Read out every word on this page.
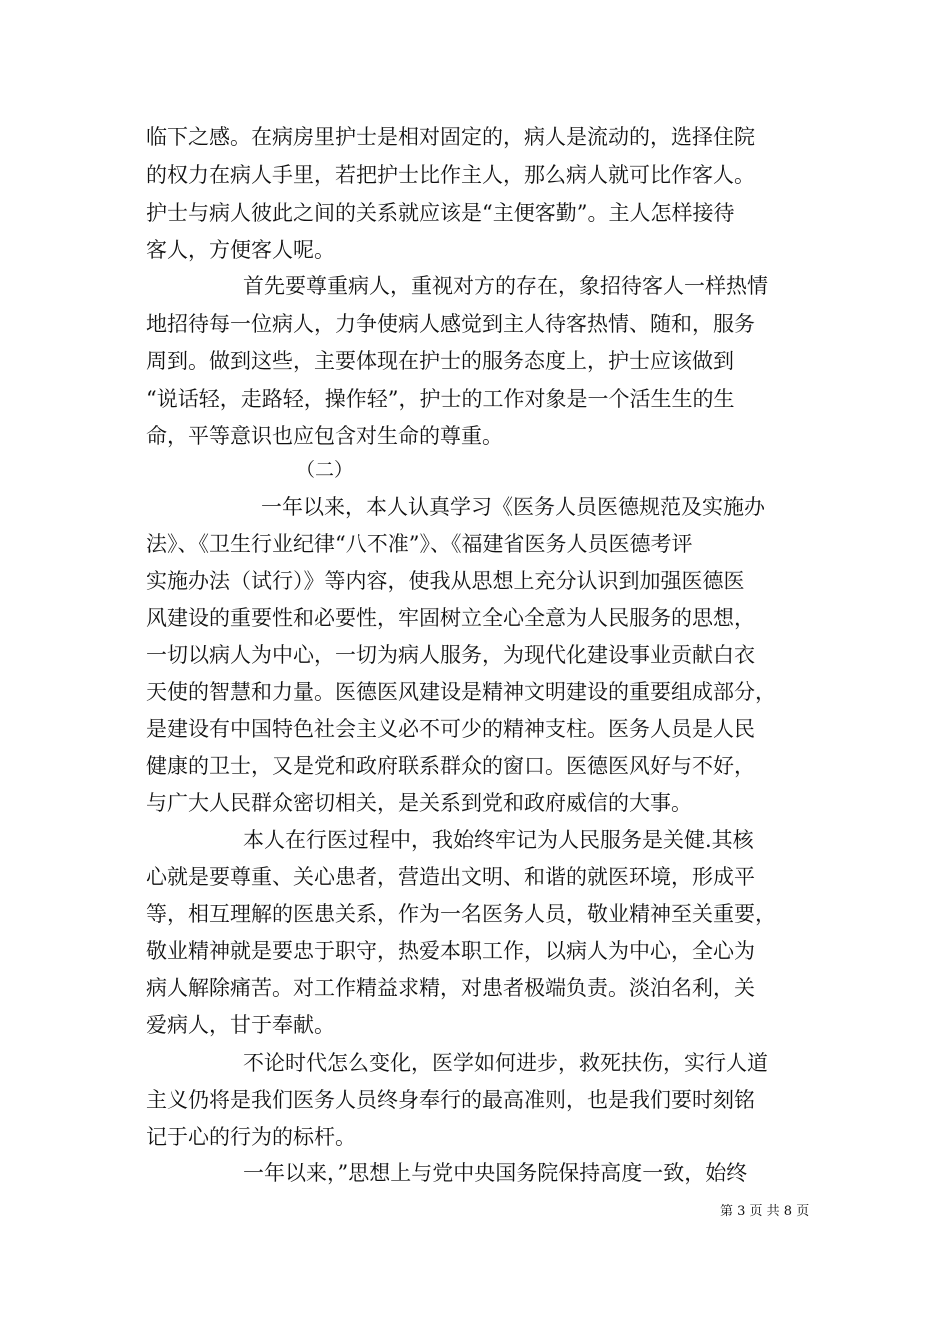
临下之感。在病房里护士是相对固定的，病人是流动的，选择住院
的权力在病人手里，若把护士比作主人，那么病人就可比作客人。
护士与病人彼此之间的关系就应该是“主便客勤”。主人怎样接待
客人，方便客人呢。
首先要尊重病人，重视对方的存在，象招待客人一样热情
地招待每一位病人，力争使病人感觉到主人待客热情、随和，服务
周到。做到这些，主要体现在护士的服务态度上，护士应该做到
“说话轻，走路轻，操作轻”，护士的工作对象是一个活生生的生
命，平等意识也应包含对生命的尊重。
（二）
一年以来，本人认真学习《医务人员医德规范及实施办
法》、《卫生行业纪律“八不准”》、《福建省医务人员医德考评
实施办法（试行）》等内容，使我从思想上充分认识到加强医德医
风建设的重要性和必要性，牢固树立全心全意为人民服务的思想，
一切以病人为中心，一切为病人服务，为现代化建设事业贡献白衣
天使的智慧和力量。医德医风建设是精神文明建设的重要组成部分，
是建设有中国特色社会主义必不可少的精神支柱。医务人员是人民
健康的卫士，又是党和政府联系群众的窗口。医德医风好与不好，
与广大人民群众密切相关，是关系到党和政府威信的大事。
本人在行医过程中，我始终牢记为人民服务是关健.其核
心就是要尊重、关心患者，营造出文明、和谐的就医环境，形成平
等，相互理解的医患关系，作为一名医务人员，敬业精神至关重要，
敬业精神就是要忠于职守，热爱本职工作，以病人为中心，全心为
病人解除痛苦。对工作精益求精，对患者极端负责。淡泊名利，关
爱病人，甘于奉献。
不论时代怎么变化，医学如何进步，救死扶伤，实行人道
主义仍将是我们医务人员终身奉行的最高准则，也是我们要时刻铭
记于心的行为的标杆。
一年以来，”思想上与党中央国务院保持高度一致，始终
第 3 页 共 8 页
